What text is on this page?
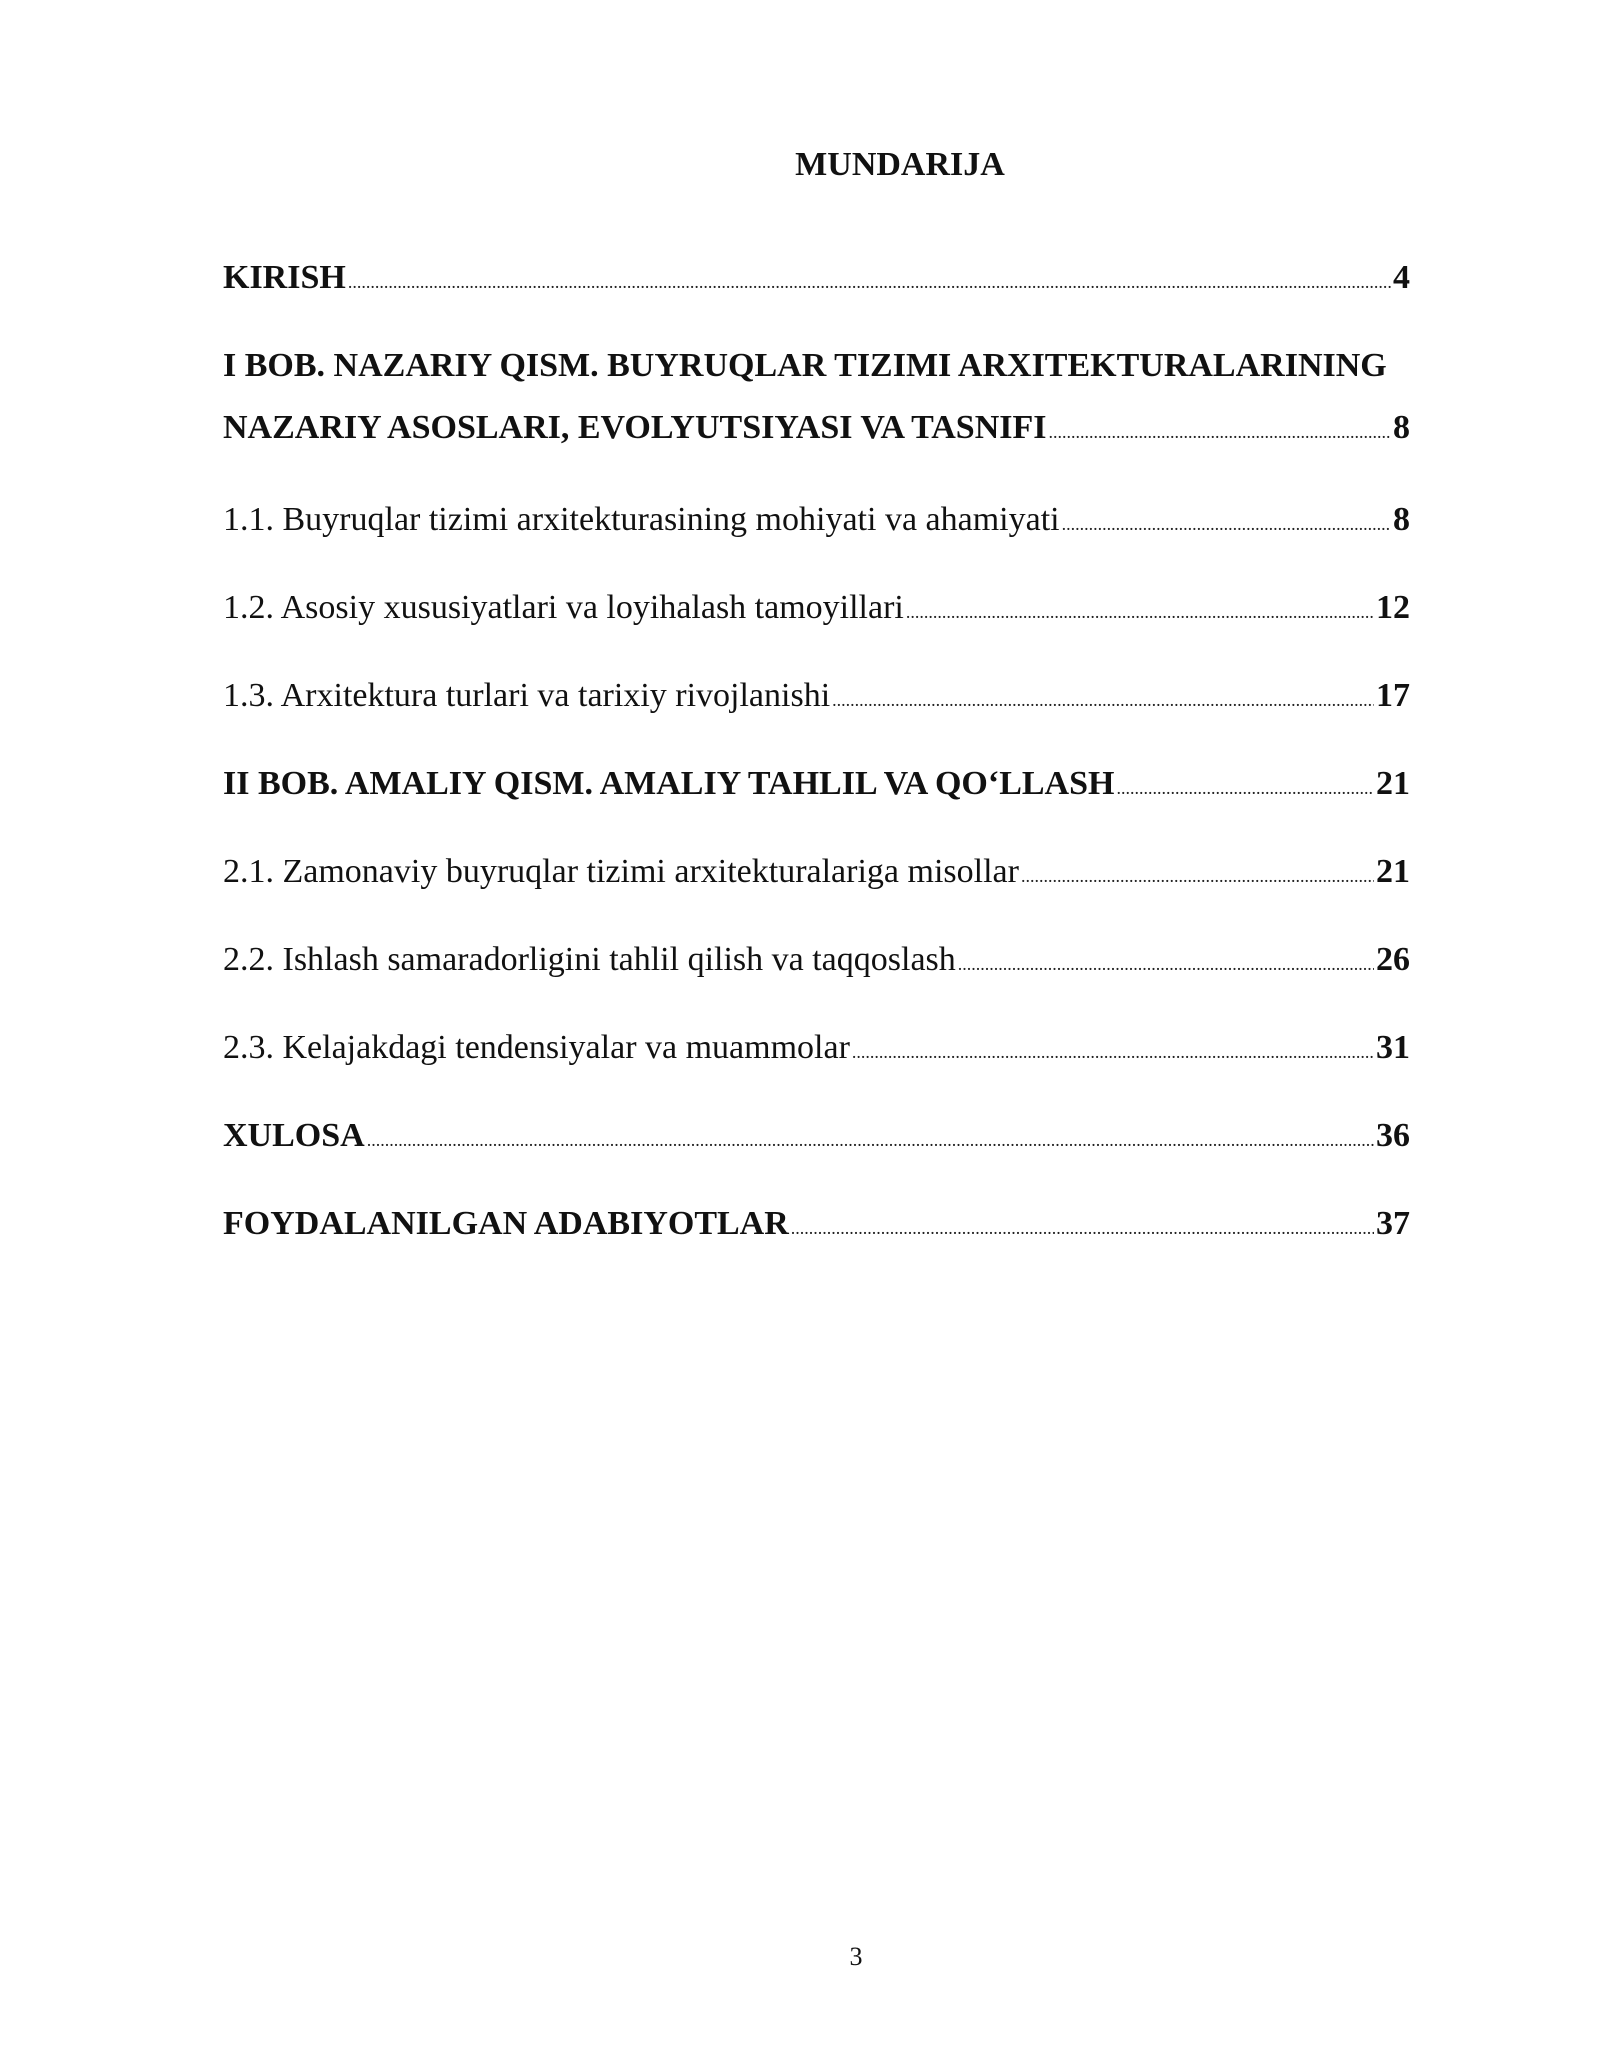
MUNDARIJA
KIRISH .....	4
I BOB. NAZARIY QISM. BUYRUQLAR TIZIMI ARXITEKTURALARINING
NAZARIY ASOSLARI, EVOLYUTSIYASI VA TASNIFI .....	8
1.1. Buyruqlar tizimi arxitekturasining mohiyati va ahamiyati .....	8
1.2. Asosiy xususiyatlari va loyihalash tamoyillari .....	12
1.3. Arxitektura turlari va tarixiy rivojlanishi .....	17
II BOB. AMALIY QISM. AMALIY TAHLIL VA QO‘LLASH .....	21
2.1. Zamonaviy buyruqlar tizimi arxitekturalariga misollar .....	21
2.2. Ishlash samaradorligini tahlil qilish va taqqoslash .....	26
2.3. Kelajakdagi tendensiyalar va muammolar .....	31
XULOSA .....	36
FOYDALANILGAN ADABIYOTLAR .....	37
3
